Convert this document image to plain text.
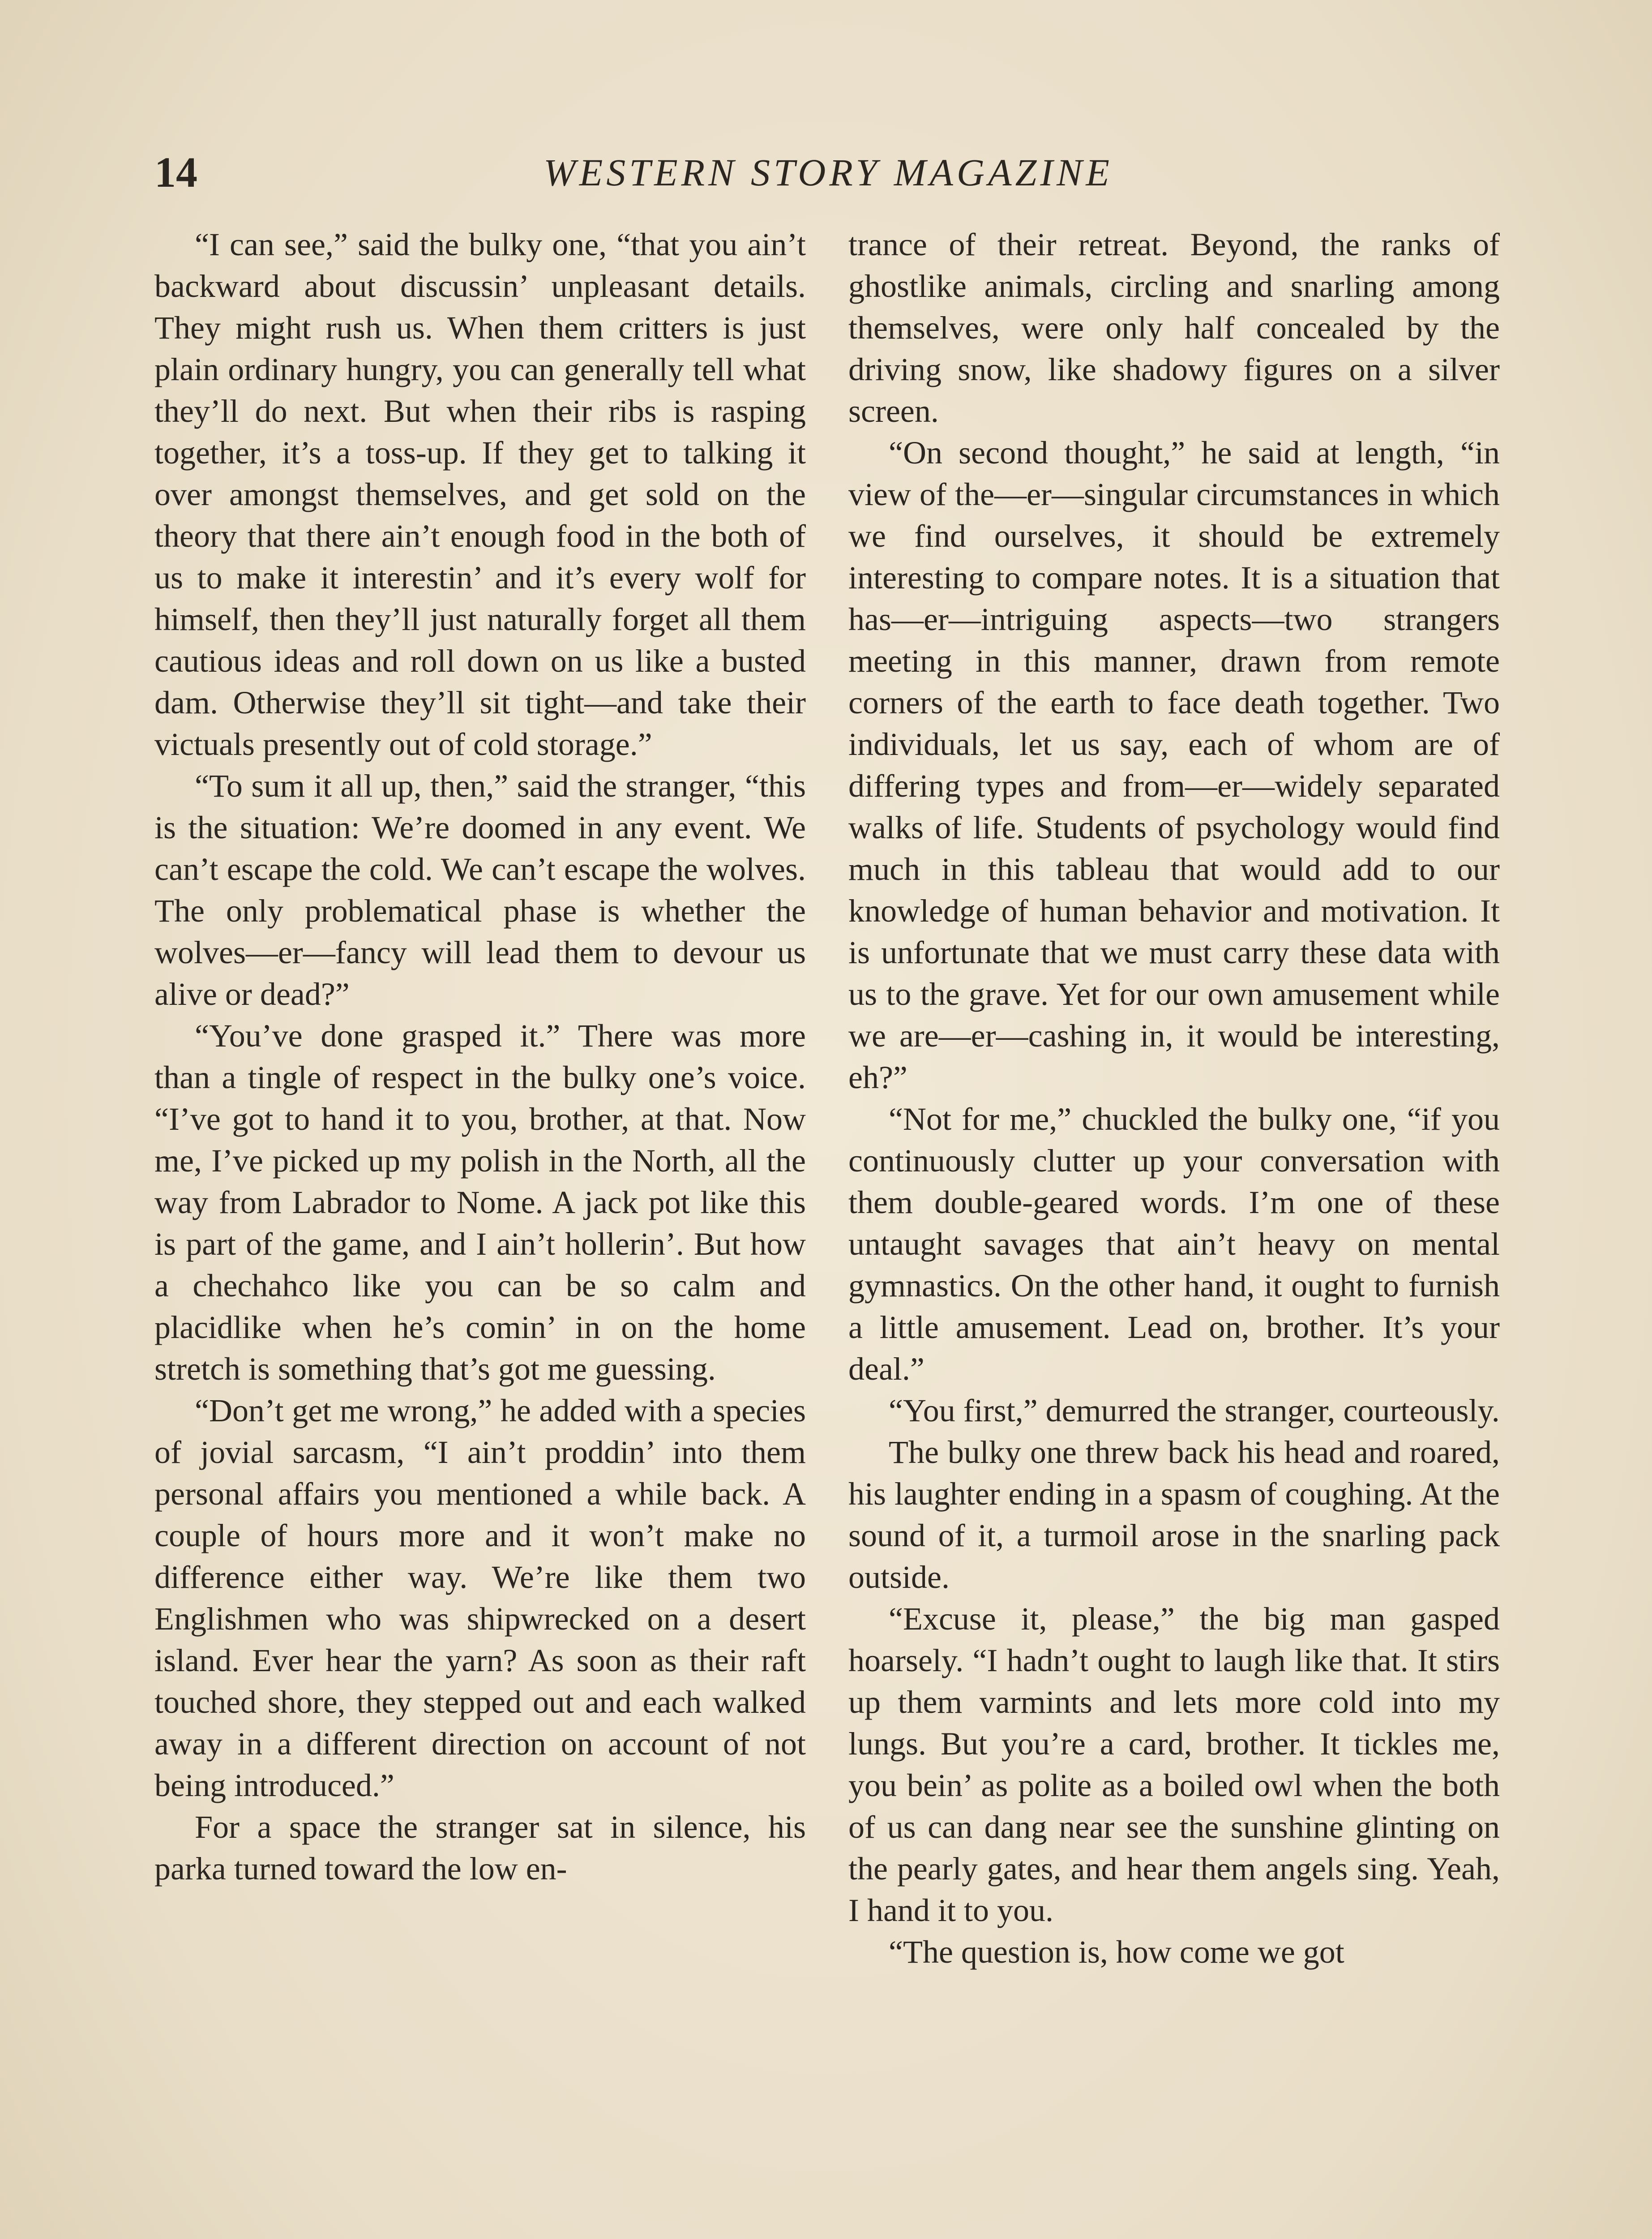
14	WESTERN STORY MAGAZINE

“I can see,” said the bulky one, “that you ain’t backward about discussin’ unpleasant details. They might rush us. When them critters is just plain ordinary hungry, you can generally tell what they’ll do next. But when their ribs is rasping together, it’s a toss-up. If they get to talking it over amongst themselves, and get sold on the theory that there ain’t enough food in the both of us to make it interestin’ and it’s every wolf for himself, then they’ll just naturally forget all them cautious ideas and roll down on us like a busted dam. Otherwise they’ll sit tight—and take their victuals presently out of cold storage.”

“To sum it all up, then,” said the stranger, “this is the situation: We’re doomed in any event. We can’t escape the cold. We can’t escape the wolves. The only problematical phase is whether the wolves—er—fancy will lead them to devour us alive or dead?”

“You’ve done grasped it.” There was more than a tingle of respect in the bulky one’s voice. “I’ve got to hand it to you, brother, at that. Now me, I’ve picked up my polish in the North, all the way from Labrador to Nome. A jack pot like this is part of the game, and I ain’t hollerin’. But how a chechahco like you can be so calm and placidlike when he’s comin’ in on the home stretch is something that’s got me guessing.

“Don’t get me wrong,” he added with a species of jovial sarcasm, “I ain’t proddin’ into them personal affairs you mentioned a while back. A couple of hours more and it won’t make no difference either way. We’re like them two Englishmen who was shipwrecked on a desert island. Ever hear the yarn? As soon as their raft touched shore, they stepped out and each walked away in a different direction on account of not being introduced.”

For a space the stranger sat in silence, his parka turned toward the low en-

trance of their retreat. Beyond, the ranks of ghostlike animals, circling and snarling among themselves, were only half concealed by the driving snow, like shadowy figures on a silver screen.

“On second thought,” he said at length, “in view of the—er—singular circumstances in which we find ourselves, it should be extremely interesting to compare notes. It is a situation that has—er—intriguing aspects—two strangers meeting in this manner, drawn from remote corners of the earth to face death together. Two individuals, let us say, each of whom are of differing types and from—er—widely separated walks of life. Students of psychology would find much in this tableau that would add to our knowledge of human behavior and motivation. It is unfortunate that we must carry these data with us to the grave. Yet for our own amusement while we are—er—cashing in, it would be interesting, eh?”

“Not for me,” chuckled the bulky one, “if you continuously clutter up your conversation with them double-geared words. I’m one of these untaught savages that ain’t heavy on mental gymnastics. On the other hand, it ought to furnish a little amusement. Lead on, brother. It’s your deal.”

“You first,” demurred the stranger, courteously.

The bulky one threw back his head and roared, his laughter ending in a spasm of coughing. At the sound of it, a turmoil arose in the snarling pack outside.

“Excuse it, please,” the big man gasped hoarsely. “I hadn’t ought to laugh like that. It stirs up them varmints and lets more cold into my lungs. But you’re a card, brother. It tickles me, you bein’ as polite as a boiled owl when the both of us can dang near see the sunshine glinting on the pearly gates, and hear them angels sing. Yeah, I hand it to you.

“The question is, how come we got
